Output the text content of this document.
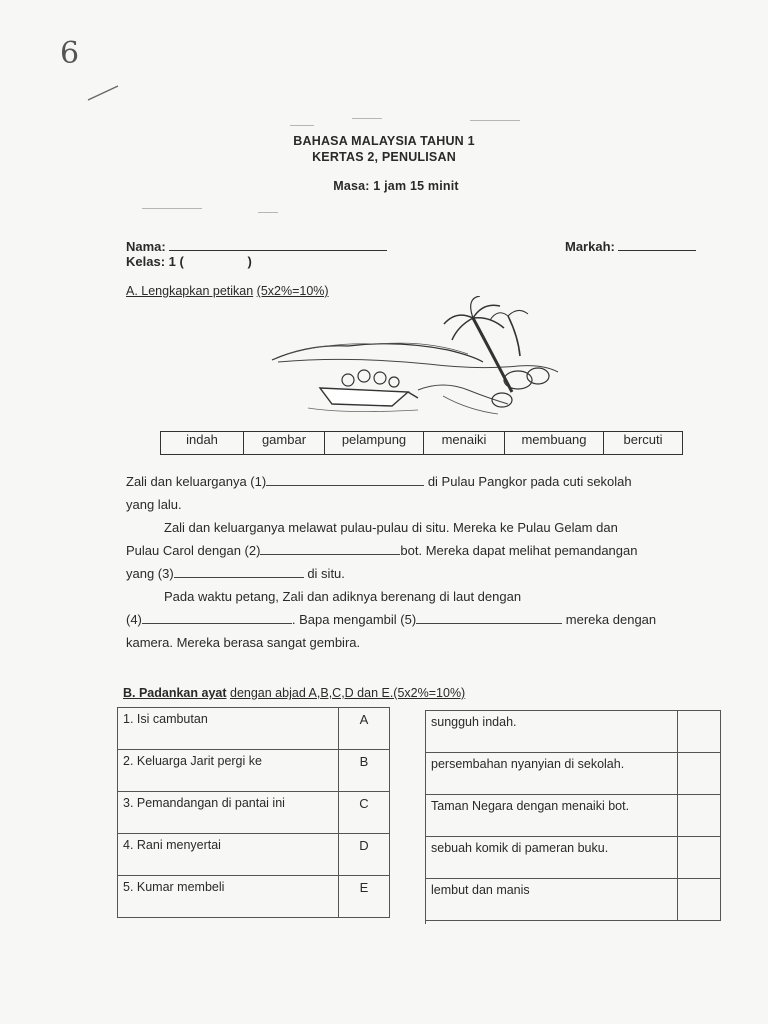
6
BAHASA MALAYSIA TAHUN 1
KERTAS 2, PENULISAN
Masa: 1 jam 15 minit
Nama:
Kelas: 1 (	)
Markah:
A. Lengkapkan petikan (5x2%=10%)
indah	gambar	pelampung	menaiki	membuang	bercuti
Zali dan keluarganya (1)	di Pulau Pangkor pada cuti sekolah
yang lalu.
Zali dan keluarganya melawat pulau-pulau di situ. Mereka ke Pulau Gelam dan
Pulau Carol dengan (2)	bot. Mereka dapat melihat pemandangan
yang (3)	di situ.
Pada waktu petang, Zali dan adiknya berenang di laut dengan
(4)	. Bapa mengambil (5)	mereka dengan
kamera. Mereka berasa sangat gembira.
B. Padankan ayat dengan abjad A,B,C,D dan E.(5x2%=10%)
1. Isi cambutan	A
2. Keluarga Jarit pergi ke	B
3. Pemandangan di pantai ini	C
4. Rani menyertai	D
5. Kumar membeli	E
sungguh indah.	
persembahan nyanyian di sekolah.	
Taman Negara dengan menaiki bot.	
sebuah komik di pameran buku.	
lembut dan manis	
